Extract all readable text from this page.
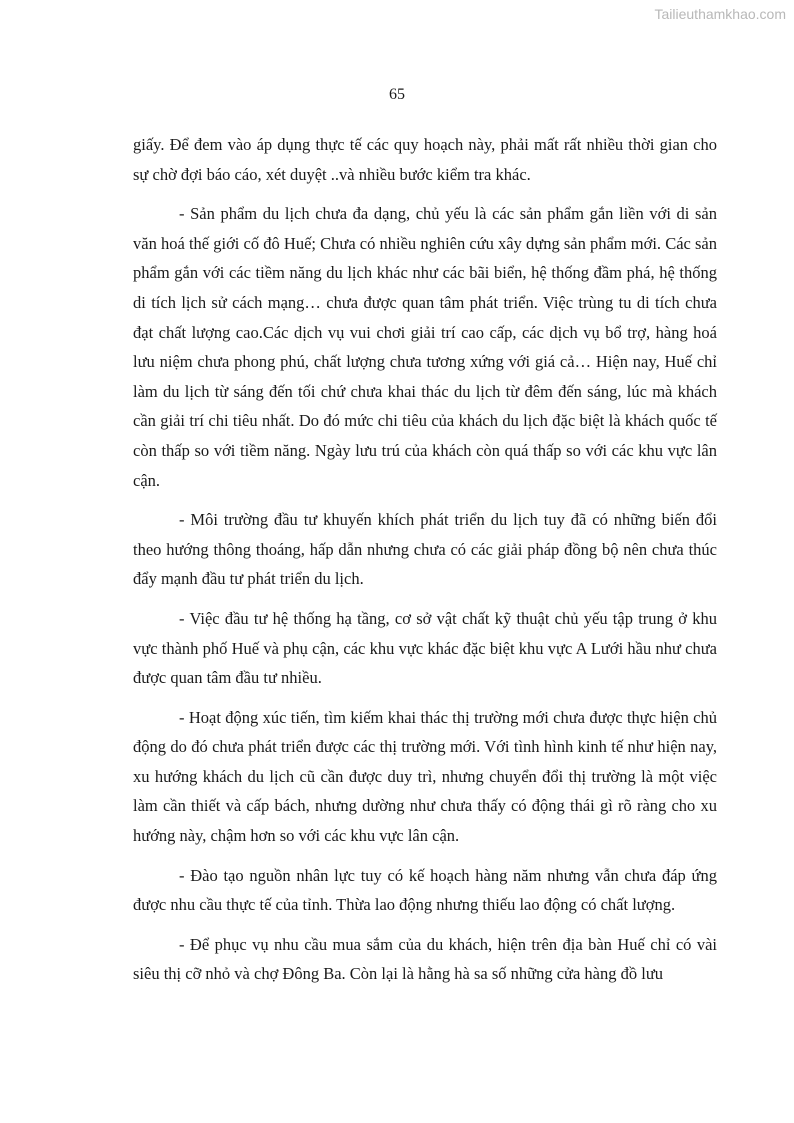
Tailieuthamkhao.com
65

giấy. Để đem vào áp dụng thực tế các quy hoạch này, phải mất rất nhiều thời gian cho sự chờ đợi báo cáo, xét duyệt ..và nhiều bước kiểm tra khác.

- Sản phẩm du lịch chưa đa dạng, chủ yếu là các sản phẩm gắn liền với di sản văn hoá thế giới cố đô Huế; Chưa có nhiều nghiên cứu xây dựng sản phẩm mới. Các sản phẩm gắn với các tiềm năng du lịch khác như các bãi biển, hệ thống đầm phá, hệ thống di tích lịch sử cách mạng… chưa được quan tâm phát triển. Việc trùng tu di tích chưa đạt chất lượng cao.Các dịch vụ vui chơi giải trí cao cấp, các dịch vụ bổ trợ, hàng hoá lưu niệm chưa phong phú, chất lượng chưa tương xứng với giá cả… Hiện nay, Huế chỉ làm du lịch từ sáng đến tối chứ chưa khai thác du lịch từ đêm đến sáng, lúc mà khách cần giải trí chi tiêu nhất. Do đó mức chi tiêu của khách du lịch đặc biệt là khách quốc tế còn thấp so với tiềm năng. Ngày lưu trú của khách còn quá thấp so với các khu vực lân cận.

- Môi trường đầu tư khuyến khích phát triển du lịch tuy đã có những biến đổi theo hướng thông thoáng, hấp dẫn nhưng chưa có các giải pháp đồng bộ nên chưa thúc đẩy mạnh đầu tư phát triển du lịch.

- Việc đầu tư hệ thống hạ tầng, cơ sở vật chất kỹ thuật chủ yếu tập trung ở khu vực thành phố Huế và phụ cận, các khu vực khác đặc biệt khu vực A Lưới hầu như chưa được quan tâm đầu tư nhiều.

- Hoạt động xúc tiến, tìm kiếm khai thác thị trường mới chưa được thực hiện chủ động do đó chưa phát triển được các thị trường mới. Với tình hình kinh tế như hiện nay, xu hướng khách du lịch cũ cần được duy trì, nhưng chuyển đổi thị trường là một việc làm cần thiết và cấp bách, nhưng dường như chưa thấy có động thái gì rõ ràng cho xu hướng này, chậm hơn so với các khu vực lân cận.

- Đào tạo nguồn nhân lực tuy có kế hoạch hàng năm nhưng vẫn chưa đáp ứng được nhu cầu thực tế của tỉnh. Thừa lao động nhưng thiếu lao động có chất lượng.

- Để phục vụ nhu cầu mua sắm của du khách, hiện trên địa bàn Huế chỉ có vài siêu thị cỡ nhỏ và chợ Đông Ba. Còn lại là hằng hà sa số những cửa hàng đồ lưu
